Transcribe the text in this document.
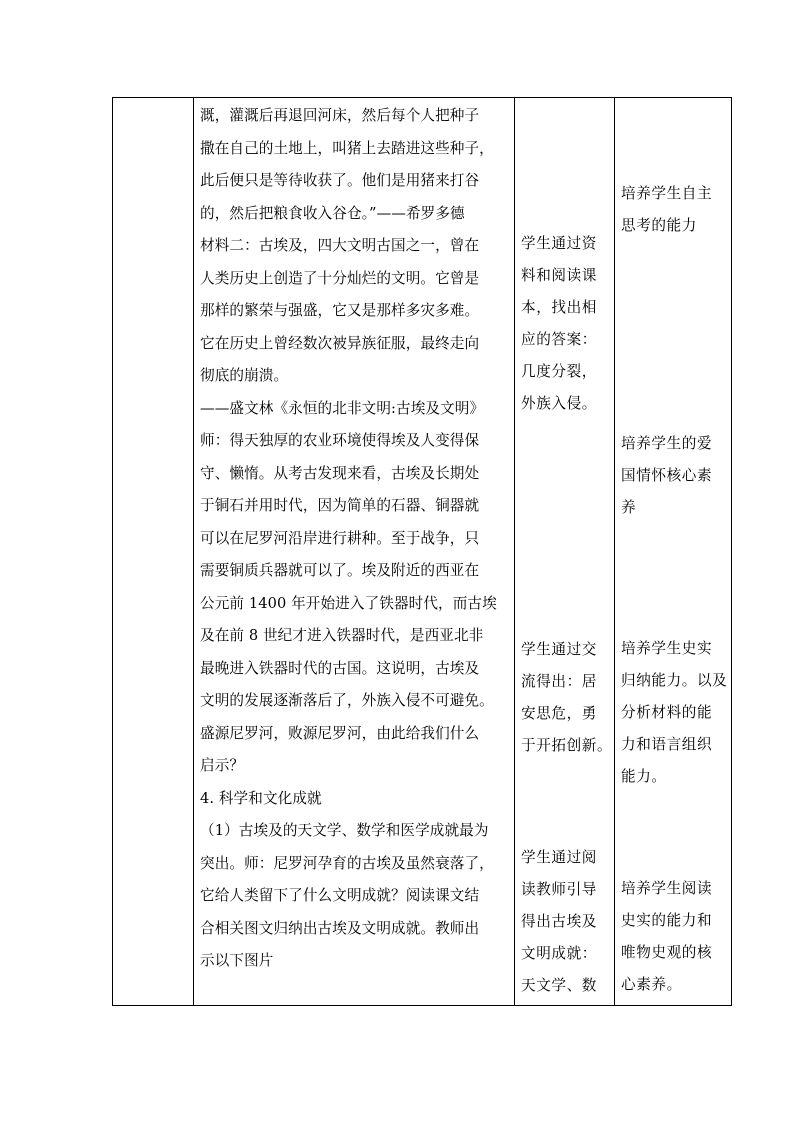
溉，灌溉后再退回河床，然后每个人把种子

撒在自己的土地上，叫猪上去踏进这些种子，

此后便只是等待收获了。他们是用猪来打谷

的，然后把粮食收入谷仓。”——希罗多德

材料二：古埃及，四大文明古国之一，曾在

人类历史上创造了十分灿烂的文明。它曾是

那样的繁荣与强盛，它又是那样多灾多难。

它在历史上曾经数次被异族征服，最终走向

彻底的崩溃。

——盛文林《永恒的北非文明:古埃及文明》

师：得天独厚的农业环境使得埃及人变得保

守、懒惰。从考古发现来看，古埃及长期处

于铜石并用时代，因为简单的石器、铜器就

可以在尼罗河沿岸进行耕种。至于战争，只

需要铜质兵器就可以了。埃及附近的西亚在

公元前 1400 年开始进入了铁器时代，而古埃

及在前 8 世纪才进入铁器时代，是西亚北非

最晚进入铁器时代的古国。这说明，古埃及

文明的发展逐渐落后了，外族入侵不可避免。

盛源尼罗河，败源尼罗河，由此给我们什么

启示？

4. 科学和文化成就

（1）古埃及的天文学、数学和医学成就最为

突出。师：尼罗河孕育的古埃及虽然衰落了，

它给人类留下了什么文明成就？阅读课文结

合相关图文归纳出古埃及文明成就。教师出

示以下图片

学生通过资
料和阅读课
本，找出相
应的答案：
几度分裂，
外族入侵。
学生通过交
流得出：居
安思危，勇
于开拓创新。
学生通过阅
读教师引导
得出古埃及
文明成就：
天文学、数
培养学生自主
思考的能力
培养学生的爱
国情怀核心素
养
培养学生史实
归纳能力。以及
分析材料的能
力和语言组织
能力。
培养学生阅读
史实的能力和
唯物史观的核
心素养。
